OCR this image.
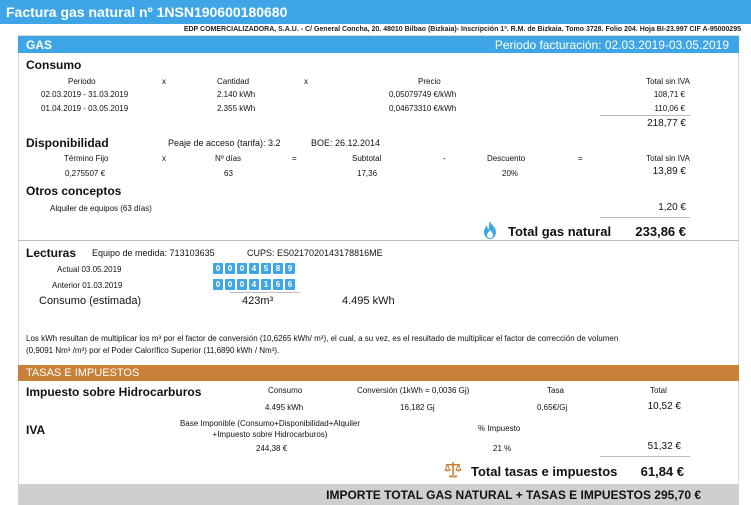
Factura gas natural nº 1NSN190600180680
EDP COMERCIALIZADORA, S.A.U. - C/ General Concha, 20. 48010 Bilbao (Bizkaia)- Inscripción 1ª. R.M. de Bizkaia. Tomo 3728. Folio 204. Hoja BI-23.997 CIF A-95000295
GAS	Periodo facturación: 02.03.2019-03.05.2019
Consumo
Periodo	x	Cantidad	x	Precio	Total sin IVA
02.03.2019 - 31.03.2019	2.140 kWh	0,05079749 €/kWh	108,71 €
01.04.2019 - 03.05.2019	2.355 kWh	0,04673310 €/kWh	110,06 €
218,77 €
Disponibilidad	Peaje de acceso (tarifa): 3.2	BOE: 26.12.2014
Término Fijo	x	Nº días	=	Subtotal	-	Descuento	=	Total sin IVA
0,275507 €	63	17,36	20%	13,89 €
Otros conceptos
Alquiler de equipos (63 días)	1,20 €
Total gas natural	233,86 €
Lecturas Equipo de medida: 713103635	CUPS: ES0217020143178816ME
Actual 03.05.2019	0 0 0 4 5 8 9
Anterior 01.03.2019	0 0 0 4 1 6 6
Consumo (estimada)	423m³	4.495 kWh
Los kWh resultan de multiplicar los m³ por el factor de conversión (10,6265 kWh/ m³), el cual, a su vez, es el resultado de multiplicar el factor de corrección de volumen
(0,9091 Nm³ /m³) por el Poder Calorífico Superior (11,6890 kWh / Nm³).
TASAS E IMPUESTOS
Impuesto sobre Hidrocarburos	Consumo	Conversión (1kWh = 0,0036 Gj)	Tasa	Total
4.495 kWh	16,182 Gj	0,65€/Gj	10,52 €
IVA	Base Imponible (Consumo+Disponibilidad+Alquiler
+Impuesto sobre Hidrocarburos)
% Impuesto
244,38 €	21 %	51,32 €
Total tasas e impuestos	61,84 €
IMPORTE TOTAL GAS NATURAL + TASAS E IMPUESTOS 295,70 €
